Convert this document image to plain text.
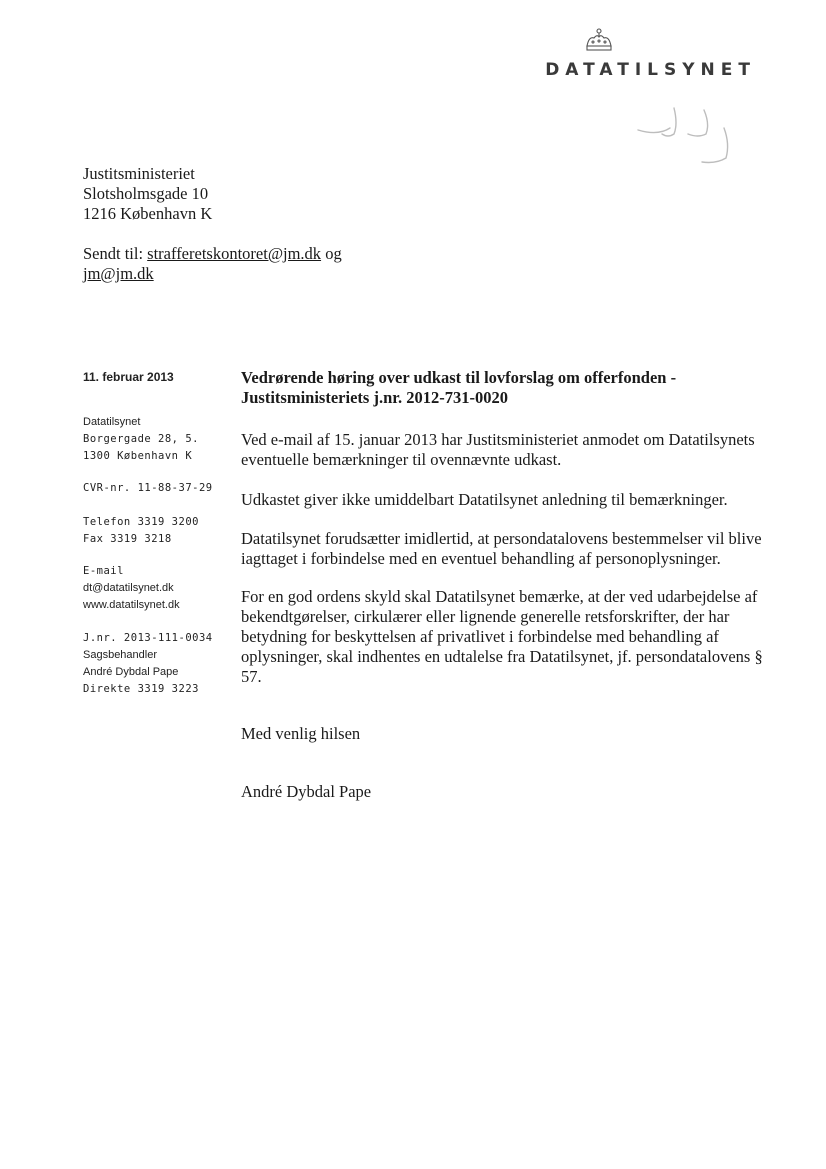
DATATILSYNET
Justitsministeriet
Slotsholmsgade 10
1216 København K
Sendt til: strafferetskontoret@jm.dk og
jm@jm.dk
11. februar 2013
Datatilsynet
Borgergade 28, 5.
1300 København K
CVR-nr. 11-88-37-29
Telefon 3319 3200
Fax 3319 3218
E-mail
dt@datatilsynet.dk
www.datatilsynet.dk
J.nr. 2013-111-0034
Sagsbehandler
André Dybdal Pape
Direkte 3319 3223
Vedrørende høring over udkast til lovforslag om offerfonden - Justitsministeriets j.nr. 2012-731-0020
Ved e-mail af 15. januar 2013 har Justitsministeriet anmodet om Datatilsynets eventuelle bemærkninger til ovennævnte udkast.
Udkastet giver ikke umiddelbart Datatilsynet anledning til bemærkninger.
Datatilsynet forudsætter imidlertid, at persondatalovens bestemmelser vil blive iagttaget i forbindelse med en eventuel behandling af personoplysninger.
For en god ordens skyld skal Datatilsynet bemærke, at der ved udarbejdelse af bekendtgørelser, cirkulærer eller lignende generelle retsforskrifter, der har betydning for beskyttelsen af privatlivet i forbindelse med behandling af oplysninger, skal indhentes en udtalelse fra Datatilsynet, jf. persondatalovens § 57.
Med venlig hilsen
André Dybdal Pape
